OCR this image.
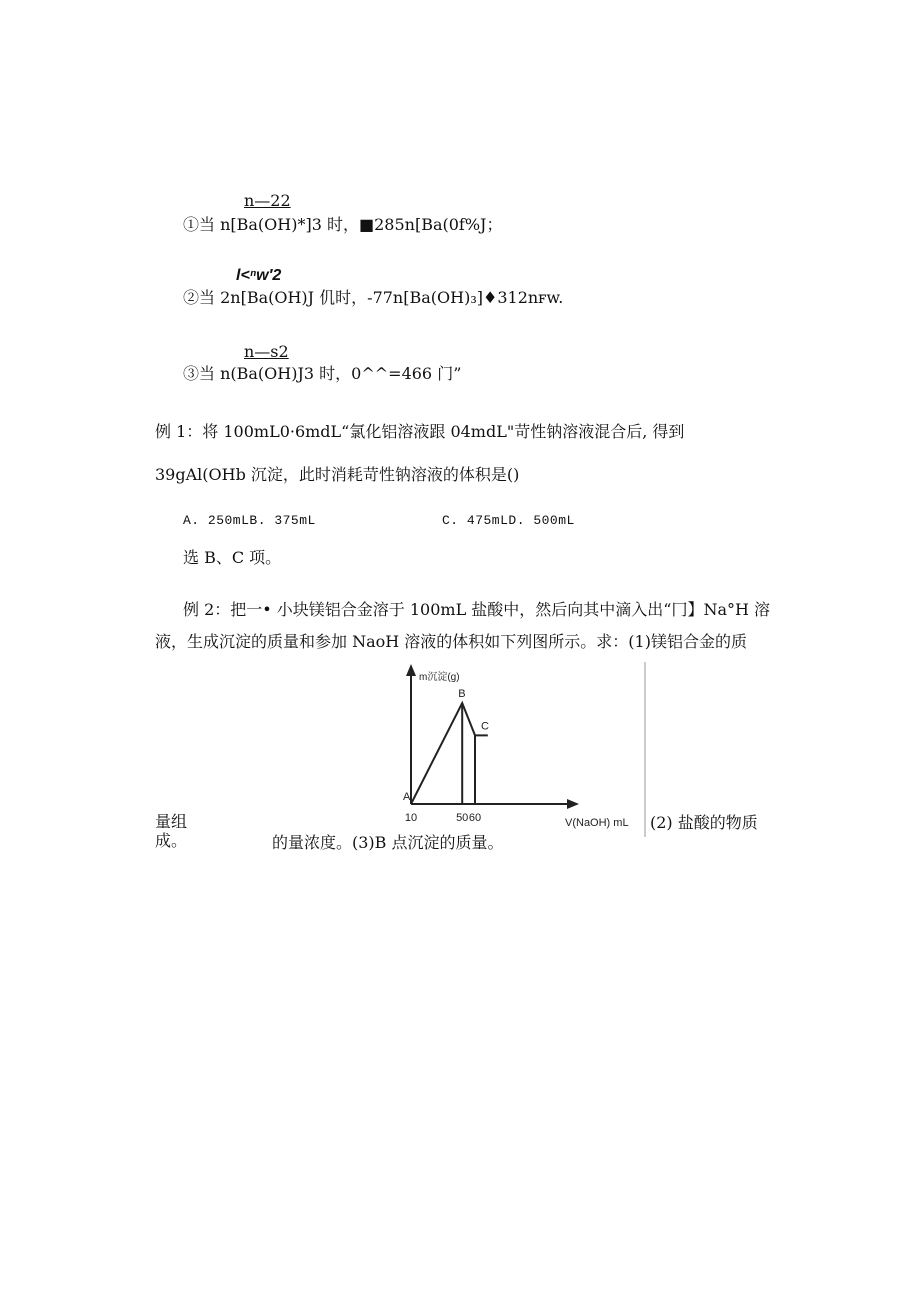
n—22
①当 n[Ba(OH)*]3 时，■285n[Ba(0f%J；
l<ⁿw′2
②当 2n[Ba(OH)J 仉时，-77n[Ba(OH)₃]♦312nꜰw.
n—s2
③当 n(Ba(OH)J3 时，0^^=466 门”
例 1：将 100mL0·6mdL“氯化铝溶液跟 04mdL"苛性钠溶液混合后, 得到
39gAl(OHb 沉淀，此时消耗苛性钠溶液的体积是()
A. 250mLB. 375mL	C. 475mLD. 500mL
选 B、C 项。
例 2：把一• 小块镁铝合金溶于 100mL 盐酸中，然后向其中滴入出“冂】Na°H 溶
液，生成沉淀的质量和参加 NaoH 溶液的体积如下列图所示。求：(1)镁铝合金的质
量组
成。
(2) 盐酸的物质
的量浓度。(3)B 点沉淀的质量。
m沉淀(g)
V(NaOH) mL
A
B
C
10	50 60
